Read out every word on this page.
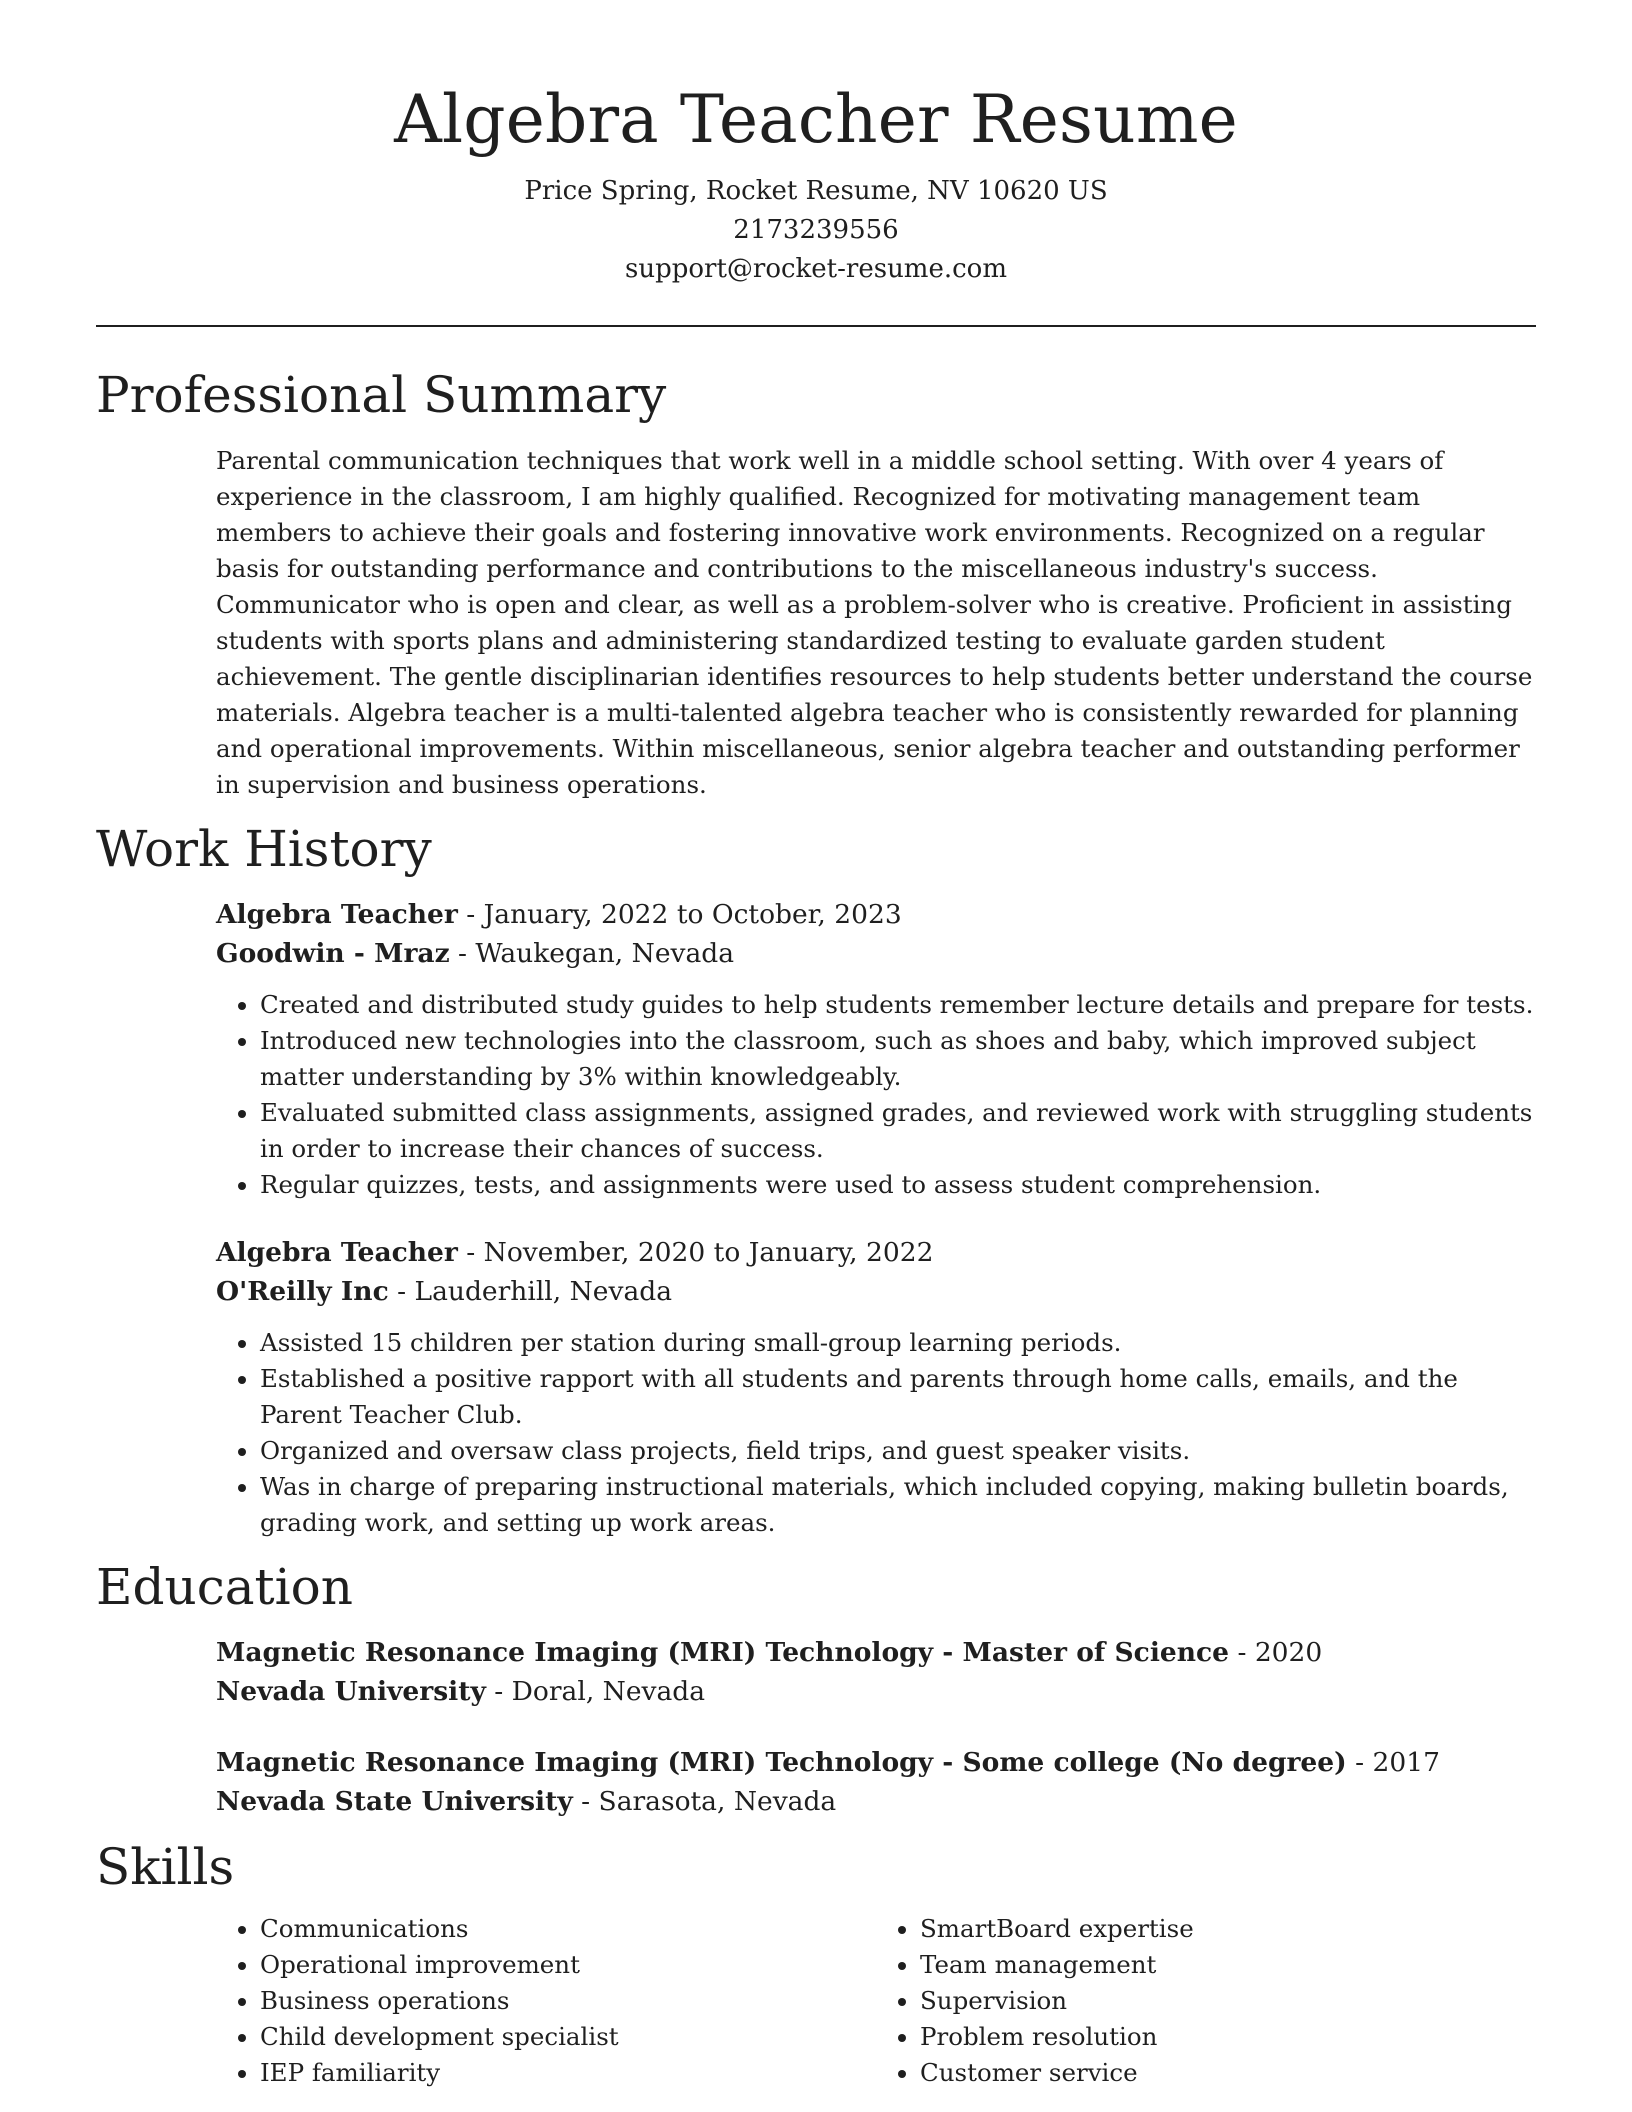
Algebra Teacher Resume
Price Spring, Rocket Resume, NV 10620 US
2173239556
support@rocket-resume.com
Professional Summary

Parental communication techniques that work well in a middle school setting. With over 4 years of experience in the classroom, I am highly qualified. Recognized for motivating management team members to achieve their goals and fostering innovative work environments. Recognized on a regular basis for outstanding performance and contributions to the miscellaneous industry's success. Communicator who is open and clear, as well as a problem-solver who is creative. Proficient in assisting students with sports plans and administering standardized testing to evaluate garden student achievement. The gentle disciplinarian identifies resources to help students better understand the course materials. Algebra teacher is a multi-talented algebra teacher who is consistently rewarded for planning and operational improvements. Within miscellaneous, senior algebra teacher and outstanding performer in supervision and business operations.

Work History
Algebra Teacher - January, 2022 to October, 2023
Goodwin - Mraz - Waukegan, Nevada
• Created and distributed study guides to help students remember lecture details and prepare for tests.
• Introduced new technologies into the classroom, such as shoes and baby, which improved subject matter understanding by 3% within knowledgeably.
• Evaluated submitted class assignments, assigned grades, and reviewed work with struggling students in order to increase their chances of success.
• Regular quizzes, tests, and assignments were used to assess student comprehension.
Algebra Teacher - November, 2020 to January, 2022
O'Reilly Inc - Lauderhill, Nevada
• Assisted 15 children per station during small-group learning periods.
• Established a positive rapport with all students and parents through home calls, emails, and the Parent Teacher Club.
• Organized and oversaw class projects, field trips, and guest speaker visits.
• Was in charge of preparing instructional materials, which included copying, making bulletin boards, grading work, and setting up work areas.
Education
Magnetic Resonance Imaging (MRI) Technology - Master of Science - 2020
Nevada University - Doral, Nevada
Magnetic Resonance Imaging (MRI) Technology - Some college (No degree) - 2017
Nevada State University - Sarasota, Nevada
Skills
• Communications
• Operational improvement
• Business operations
• Child development specialist
• IEP familiarity
• SmartBoard expertise
• Team management
• Supervision
• Problem resolution
• Customer service
